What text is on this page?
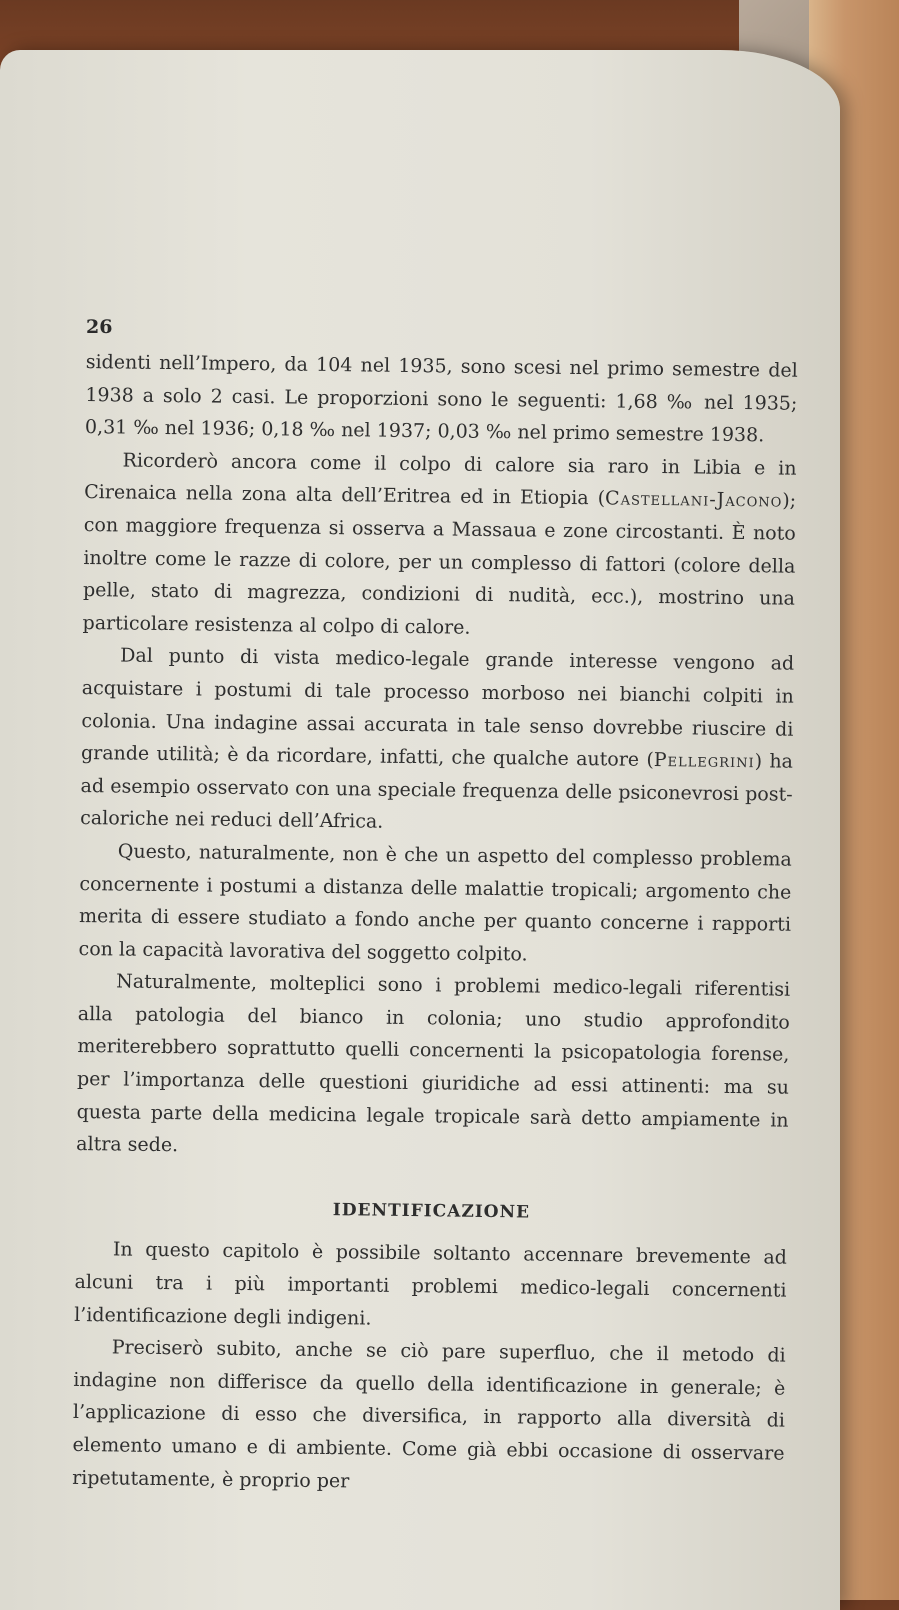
26

sidenti nell’Impero, da 104 nel 1935, sono scesi nel primo semestre del 1938 a solo 2 casi. Le proporzioni sono le seguenti: 1,68 ‰ nel 1935; 0,31 ‰ nel 1936; 0,18 ‰ nel 1937; 0,03 ‰ nel primo semestre 1938.

Ricorderò ancora come il colpo di calore sia raro in Libia e in Cirenaica nella zona alta dell’Eritrea ed in Etiopia (Castellani-Jacono); con maggiore frequenza si osserva a Massaua e zone circostanti. È noto inoltre come le razze di colore, per un complesso di fattori (colore della pelle, stato di magrezza, condizioni di nudità, ecc.), mostrino una particolare resistenza al colpo di calore.

Dal punto di vista medico-legale grande interesse vengono ad acquistare i postumi di tale processo morboso nei bianchi colpiti in colonia. Una indagine assai accurata in tale senso dovrebbe riuscire di grande utilità; è da ricordare, infatti, che qualche autore (Pellegrini) ha ad esempio osservato con una speciale frequenza delle psiconevrosi post-caloriche nei reduci dell’Africa.

Questo, naturalmente, non è che un aspetto del complesso problema concernente i postumi a distanza delle malattie tropicali; argomento che merita di essere studiato a fondo anche per quanto concerne i rapporti con la capacità lavorativa del soggetto colpito.

Naturalmente, molteplici sono i problemi medico-legali riferentisi alla patologia del bianco in colonia; uno studio approfondito meriterebbero soprattutto quelli concernenti la psicopatologia forense, per l’importanza delle questioni giuridiche ad essi attinenti: ma su questa parte della medicina legale tropicale sarà detto ampiamente in altra sede.

IDENTIFICAZIONE

In questo capitolo è possibile soltanto accennare brevemente ad alcuni tra i più importanti problemi medico-legali concernenti l’identificazione degli indigeni.

Preciserò subito, anche se ciò pare superfluo, che il metodo di indagine non differisce da quello della identificazione in generale; è l’applicazione di esso che diversifica, in rapporto alla diversità di elemento umano e di ambiente. Come già ebbi occasione di osservare ripetutamente, è proprio per
